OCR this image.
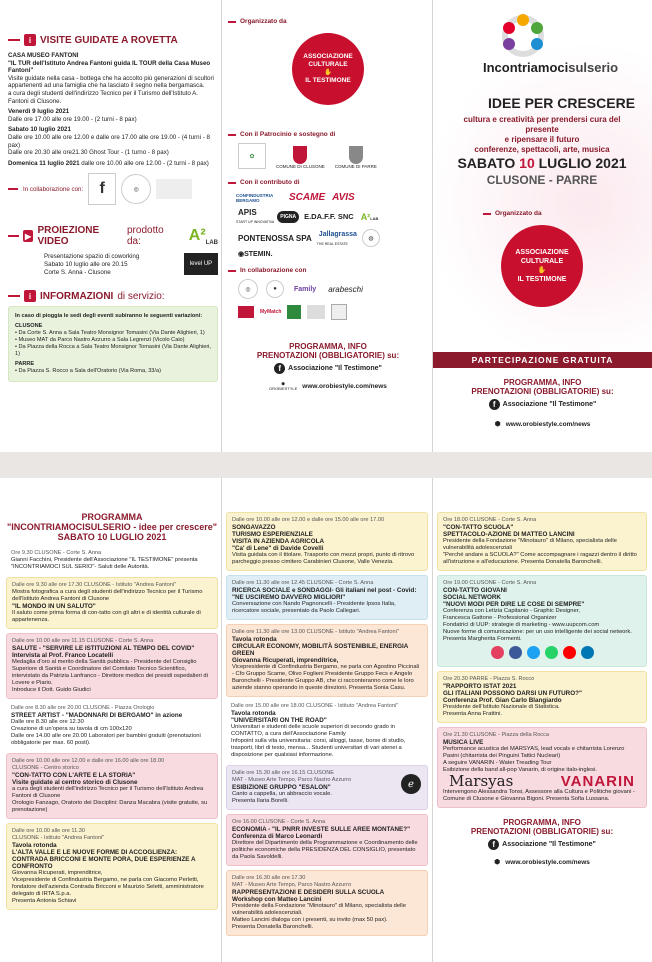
i VISITE GUIDATE A ROVETTA
CASA MUSEO FANTONI
"IL TUR dell'Istituto Andrea Fantoni guida IL TOUR della Casa Museo Fantoni"
Visite guidate nella casa - bottega che ha accolto più generazioni di scultori appartenenti ad una famiglia che ha lasciato il segno nella bergamasca.
a cura degli studenti dell'indirizzo Tecnico per il Turismo dell'Istituto A. Fantoni di Clusone.
Venerdì 9 luglio 2021
Dalle ore 17.00 alle ore 19.00 - (2 turni - 8 pax)
Sabato 10 luglio 2021
Dalle ore 10.00 alle ore 12.00 e dalle ore 17.00 alle ore 19.00 - (4 turni - 8 pax)
Dalle ore 20.30 alle ore21.30 Ghost Tour - (1 turno - 8 pax)
Domenica 11 luglio 2021 dalle ore 10.00 alle ore 12.00 - (2 turni - 8 pax)
In collaborazione con:	f	◎
▶ PROIEZIONE VIDEO
prodotto da:	$A^2_{LAB}$
Presentazione spazio di coworking
Sabato 10 luglio alle ore 20.15
Corte S. Anna - Clusone
level UP
i INFORMAZIONI di servizio:
In caso di pioggia le sedi degli eventi subiranno le seguenti variazioni:
CLUSONE
• Da Corte S. Anna a Sala Teatro Monsignor Tomasini (Via Dante Alighieri, 1)
• Museo MAT da Parco Nastro Azzurro a Sala Legrenzi (Vicolo Caio)
• Da Piazza della Rocca a Sala Teatro Monsignor Tomasini (Via Dante Alighieri, 1)
PARRE
• Da Piazza S. Rocco a Sala dell'Oratorio (Via Roma, 33/a)
Organizzato da
ASSOCIAZIONE CULTURALE
✋
IL TESTIMONE
Con il Patrocinio e sostegno di
✿
COMUNE DI CLUSONE COMUNE DI PARRE
Con il contributo di
CONFINDUSTRIA BERGAMO	SCAME AVIS
APIS
START UP INNOVATIVA
PIGNA	E.DA.F.F. SNC A²LAB
PONTENOSSA SPA Jallagrassa
THE REAL ESTATE
◍
◉STEMIN.
In collaborazione con
◎	●	Family arabeschi
MyMatch
PROGRAMMA, INFO
PRENOTAZIONI (OBBLIGATORIE) su:
f	Associazione "Il Testimone"
⬢
OROBIESTYLE www.orobiestyle.com/news
Incontriamocisulserio
IDEE PER CRESCERE
cultura e creatività per prendersi cura del presente
e ripensare il futuro
conferenze, spettacoli, arte, musica
SABATO 10 LUGLIO 2021
CLUSONE - PARRE
Organizzato da
ASSOCIAZIONE CULTURALE
✋
IL TESTIMONE
PARTECIPAZIONE GRATUITA
PROGRAMMA, INFO
PRENOTAZIONI (OBBLIGATORIE) su:
f	Associazione "Il Testimone"
⬢ www.orobiestyle.com/news
PROGRAMMA
"INCONTRIAMOCISULSERIO - idee per crescere"
SABATO 10 LUGLIO 2021
Ore 9.30 CLUSONE - Corte S. Anna
Gianni Facchini, Presidente dell'Associazione "IL TESTIMONE" presenta "INCONTRIAMOCI SUL SERIO"- Saluti delle Autorità.
Dalle ore 9.30 alle ore 17.30 CLUSONE - Istituto "Andrea Fantoni"
Mostra fotografica a cura degli studenti dell'indirizzo Tecnico per il Turismo dell'Istituto Andrea Fantoni di Clusone
"IL MONDO IN UN SALUTO"
Il saluto come prima forma di con-tatto con gli altri e di identità culturale di appartenenza.
Dalle ore 10.00 alle ore 11.15 CLUSONE - Corte S. Anna
SALUTE - "SERVIRE LE ISTITUZIONI AL TEMPO DEL COVID"
Intervista al Prof. Franco Locatelli
Medaglia d'oro al merito della Sanità pubblica - Presidente del Consiglio Superiore di Sanità e Coordinatore del Comitato Tecnico Scientifico, intervistato da Patrizia Lanfranco - Direttore medico dei presidi ospedalieri di Lovere e Piario.
Introduce il Dott. Guido Giudici
Dalle ore 8.30 alle ore 20.00 CLUSONE - Piazza Orologio
STREET ARTIST - "MADONNARI DI BERGAMO" in azione
Dalle ore 8.30 alle ore 12.30
Creazione di un'opera su tavola di cm 100x120
Dalle ore 14.00 alle ore 20.00 Laboratori per bambini gratuiti (prenotazioni obbligatorie per max. 60 posti).
Dalle ore 10.00 alle ore 12.00 e dalle ore 16.00 alle ore 18.00
CLUSONE - Centro storico
"CON-TATTO CON L'ARTE E LA STORIA"
Visite guidate al centro storico di Clusone
a cura degli studenti dell'indirizzo Tecnico per il Turismo dell'Istituto Andrea Fantoni di Clusone
Orologio Fanzago, Oratorio dei Disciplini: Danza Macabra (visite gratuite, su prenotazione)
Dalle ore 10.00 alle ore 11.30
CLUSONE - Istituto "Andrea Fantoni"
Tavola rotonda
L'ALTA VALLE E LE NUOVE FORME DI ACCOGLIENZA: CONTRADA BRICCONI E MONTE PORA, DUE ESPERIENZE A CONFRONTO
Giovanna Ricuperati, imprenditrice,
Vicepresidente di Confindustria Bergamo, ne parla con Giacomo Perletti, fondatore dell'azienda Contrada Bricconi e Maurizio Seletti, amministratore delegato di IRTA S.p.a.
Presenta Antonia Schiavi
Dalle ore 10.00 alle ore 12.00 e dalle ore 15.00 alle ore 17.00
SONGAVAZZO
TURISMO ESPERIENZIALE
VISITA IN AZIENDA AGRICOLA
"Ca' di Lene" di Davide Covelli
Visita guidata con il titolare. Trasporto con mezzi propri, punto di ritrovo parcheggio presso cimitero Carabinieri Clusone, Valle Venezia.
Dalle ore 11.30 alle ore 12.45 CLUSONE - Corte S. Anna
RICERCA SOCIALE e SONDAGGI- Gli italiani nel post - Covid: "NE USCIREMO DAVVERO MIGLIORI"
Conversazione con Nando Pagnoncelli - Presidente Ipsos Italia, ricercatore sociale, presentato da Paolo Callegari.
Dalle ore 11.30 alle ore 13.00 CLUSONE - Istituto "Andrea Fantoni"
Tavola rotonda
CIRCULAR ECONOMY, MOBILITÀ SOSTENIBILE, ENERGIA GREEN
Giovanna Ricuperati, imprenditrice,
Vicepresidente di Confindustria Bergamo, ne parla con Agostino Piccinali - Cfo Gruppo Scame, Olivo Foglieni Presidente Gruppo Fecs e Angelo Baronchelli - Presidente Gruppo AB, che ci racconteranno come le loro aziende stanno operando in queste direzioni. Presenta Sonia Casu.
Dalle ore 15.00 alle ore 18.00 CLUSONE - Istituto "Andrea Fantoni"
Tavola rotonda
"UNIVERSITARI ON THE ROAD"
Universitari e studenti delle scuole superiori di secondo grado in CONTATTO, a cura dell'Associazione Family
Infopoint sulla vita universitaria: corsi, alloggi, tasse, borse di studio, trasporti, libri di testo, mensa... Studenti universitari di vari atenei a disposizione per qualsiasi informazione.
Dalle ore 15.30 alle ore 16.15 CLUSONE
MAT - Museo Arte Tempo, Parco Nastro Azzurro
ESIBIZIONE GRUPPO "ESALON"
Canto a cappella, un abbraccio vocale.
Presenta Ilaria Borelli.
ℯ
Ore 16.00 CLUSONE - Corte S. Anna
ECONOMIA - "IL PNRR INVESTE SULLE AREE MONTANE?"
Conferenza di Marco Leonardi
Direttore del Dipartimento della Programmazione e Coordinamento delle politiche economiche della PRESIDENZA DEL CONSIGLIO, presentato da Paola Savoldelli.
Dalle ore 16.30 alle ore 17.30
MAT - Museo Arte Tempo, Parco Nastro Azzurro
RAPPRESENTAZIONI E DESIDERI SULLA SCUOLA
Workshop con Matteo Lancini
Presidente della Fondazione "Minotauro" di Milano, specialista delle vulnerabilità adolescenziali.
Matteo Lancini dialoga con i presenti, su invito (max 50 pax).
Presenta Donatella Baronchelli.
Ore 18.00 CLUSONE - Corte S. Anna
"CON-TATTO SCUOLA"
SPETTACOLO-AZIONE DI MATTEO LANCINI
Presidente della Fondazione "Minotauro" di Milano, specialista delle vulnerabilità adolescenziali
"Perché andare a SCUOLA?" Come accompagnare i ragazzi dentro il diritto all'istruzione e all'educazione. Presenta Donatella Baronchelli.
Ore 19.00 CLUSONE - Corte S. Anna
CON-TATTO GIOVANI
SOCIAL NETWORK
"NUOVI MODI PER DIRE LE COSE DI SEMPRE"
Conferenza con Letizia Capitanio - Graphic Designer,
Francesca Gattone - Professional Organizer
Fondatrici di UUP: strategie di marketing - www.uupcom.com
Nuove forme di comunicazione: per un uso intelligente dei social network. Presenta Margherita Formenti.
Ore 20.30 PARRE - Piazza S. Rocco
"RAPPORTO ISTAT 2021
GLI ITALIANI POSSONO DARSI UN FUTURO?"
Conferenza Prof. Gian Carlo Blangiardo
Presidente dell'Istituto Nazionale di Statistica.
Presenta Anna Frattini.
Ore 21.30 CLUSONE - Piazza della Rocca
MUSICA LIVE
Performance acustica dei MARSYAS, lead vocals e chitarrista Lorenzo Pasini (chitarrista dei Pinguini Tattici Nucleari)
A seguire VANARIN - Water Treading Tour
Esibizione della band all-pop Vanarin, di origine italo-inglesi.
Marsyas	VANARIN
Intervengono Alessandra Tonsi, Assessore alla Cultura e Politiche giovani - Comune di Clusone e Giovanna Bigoni. Presenta Sofia Lussana.
PROGRAMMA, INFO
PRENOTAZIONI (OBBLIGATORIE) su:
f	Associazione "Il Testimone"
⬢ www.orobiestyle.com/news
